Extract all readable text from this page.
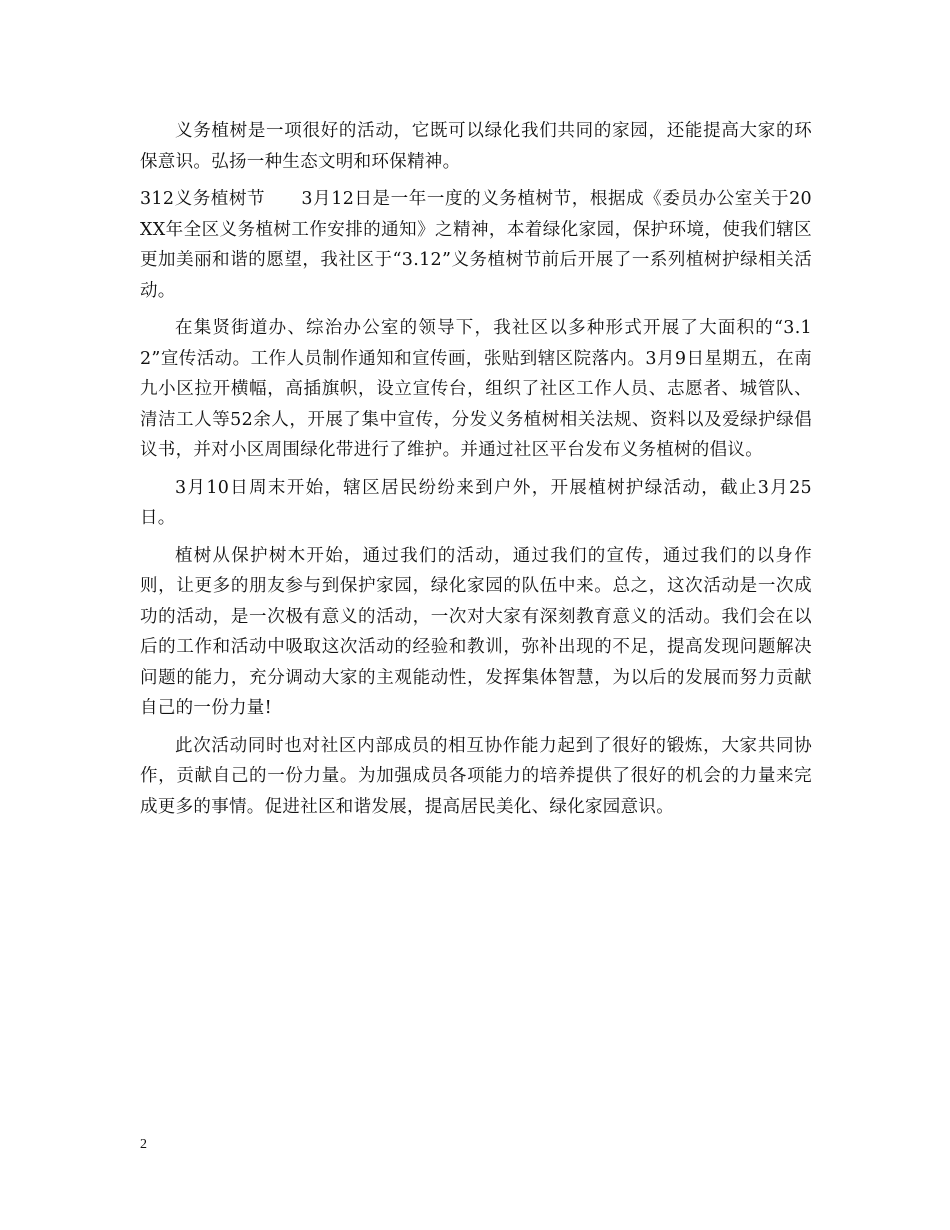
义务植树是一项很好的活动，它既可以绿化我们共同的家园，还能提高大家的环保意识。弘扬一种生态文明和环保精神。

312义务植树节　　3月12日是一年一度的义务植树节，根据成《委员办公室关于20XX年全区义务植树工作安排的通知》之精神，本着绿化家园，保护环境，使我们辖区更加美丽和谐的愿望，我社区于“3.12”义务植树节前后开展了一系列植树护绿相关活动。

在集贤街道办、综治办公室的领导下，我社区以多种形式开展了大面积的“3.12”宣传活动。工作人员制作通知和宣传画，张贴到辖区院落内。3月9日星期五，在南九小区拉开横幅，高插旗帜，设立宣传台，组织了社区工作人员、志愿者、城管队、清洁工人等52余人，开展了集中宣传，分发义务植树相关法规、资料以及爱绿护绿倡议书，并对小区周围绿化带进行了维护。并通过社区平台发布义务植树的倡议。

3月10日周末开始，辖区居民纷纷来到户外，开展植树护绿活动，截止3月25日。

植树从保护树木开始，通过我们的活动，通过我们的宣传，通过我们的以身作则，让更多的朋友参与到保护家园，绿化家园的队伍中来。总之，这次活动是一次成功的活动，是一次极有意义的活动，一次对大家有深刻教育意义的活动。我们会在以后的工作和活动中吸取这次活动的经验和教训，弥补出现的不足，提高发现问题解决问题的能力，充分调动大家的主观能动性，发挥集体智慧，为以后的发展而努力贡献自己的一份力量!

此次活动同时也对社区内部成员的相互协作能力起到了很好的锻炼，大家共同协作，贡献自己的一份力量。为加强成员各项能力的培养提供了很好的机会的力量来完成更多的事情。促进社区和谐发展，提高居民美化、绿化家园意识。

2
